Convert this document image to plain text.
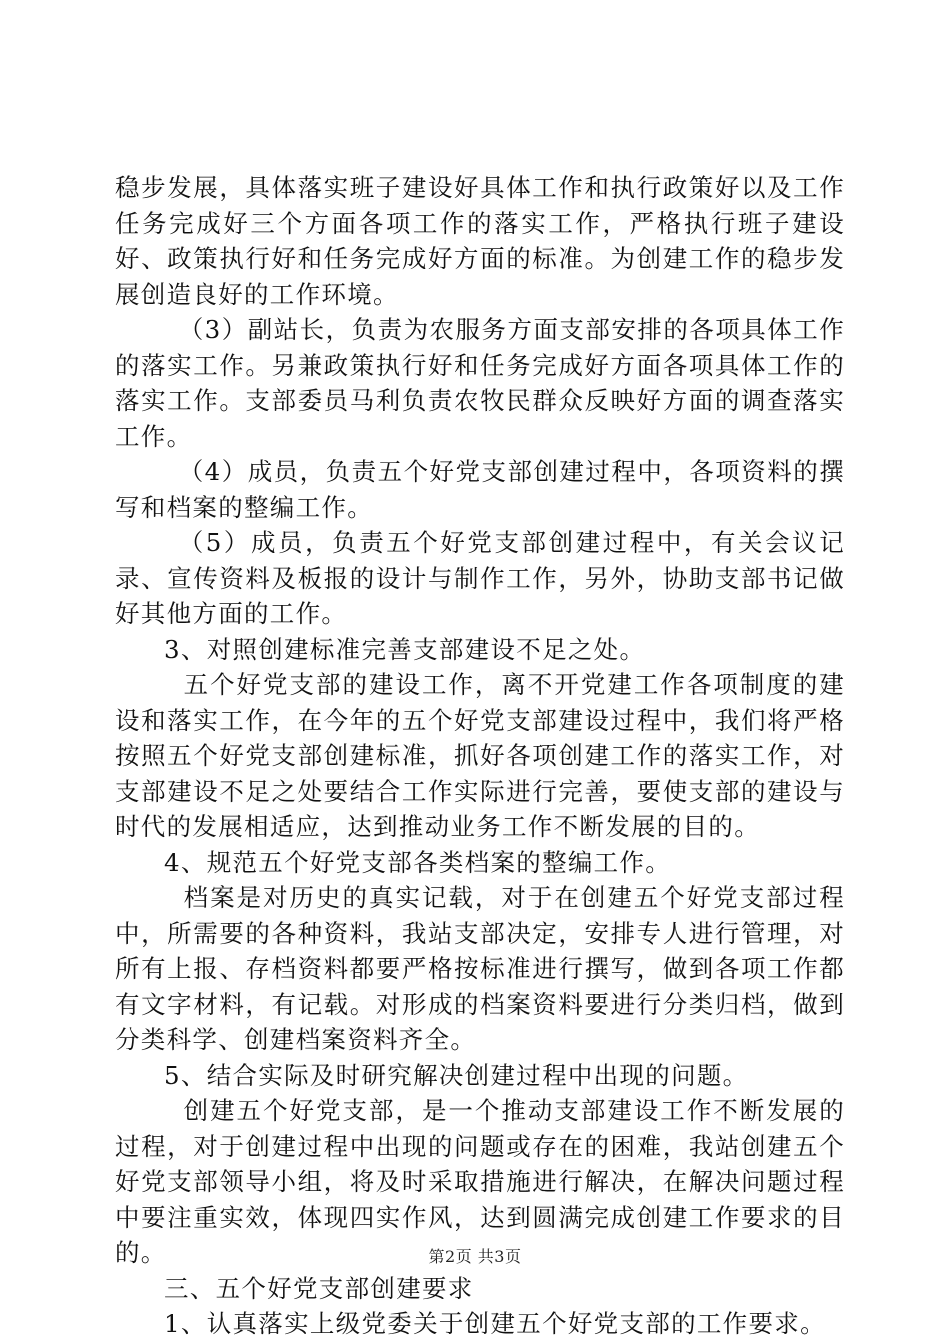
稳步发展，具体落实班子建设好具体工作和执行政策好以及工作任务完成好三个方面各项工作的落实工作，严格执行班子建设好、政策执行好和任务完成好方面的标准。为创建工作的稳步发展创造良好的工作环境。

（3）副站长，负责为农服务方面支部安排的各项具体工作的落实工作。另兼政策执行好和任务完成好方面各项具体工作的落实工作。支部委员马利负责农牧民群众反映好方面的调查落实工作。

（4）成员，负责五个好党支部创建过程中，各项资料的撰写和档案的整编工作。

（5）成员，负责五个好党支部创建过程中，有关会议记录、宣传资料及板报的设计与制作工作，另外，协助支部书记做好其他方面的工作。

3、对照创建标准完善支部建设不足之处。

五个好党支部的建设工作，离不开党建工作各项制度的建设和落实工作，在今年的五个好党支部建设过程中，我们将严格按照五个好党支部创建标准，抓好各项创建工作的落实工作，对支部建设不足之处要结合工作实际进行完善，要使支部的建设与时代的发展相适应，达到推动业务工作不断发展的目的。

4、规范五个好党支部各类档案的整编工作。

档案是对历史的真实记载，对于在创建五个好党支部过程中，所需要的各种资料，我站支部决定，安排专人进行管理，对所有上报、存档资料都要严格按标准进行撰写，做到各项工作都有文字材料，有记载。对形成的档案资料要进行分类归档，做到分类科学、创建档案资料齐全。

5、结合实际及时研究解决创建过程中出现的问题。

创建五个好党支部，是一个推动支部建设工作不断发展的过程，对于创建过程中出现的问题或存在的困难，我站创建五个好党支部领导小组，将及时采取措施进行解决，在解决问题过程中要注重实效，体现四实作风，达到圆满完成创建工作要求的目的。

三、五个好党支部创建要求

1、认真落实上级党委关于创建五个好党支部的工作要求。

第2页 共3页
